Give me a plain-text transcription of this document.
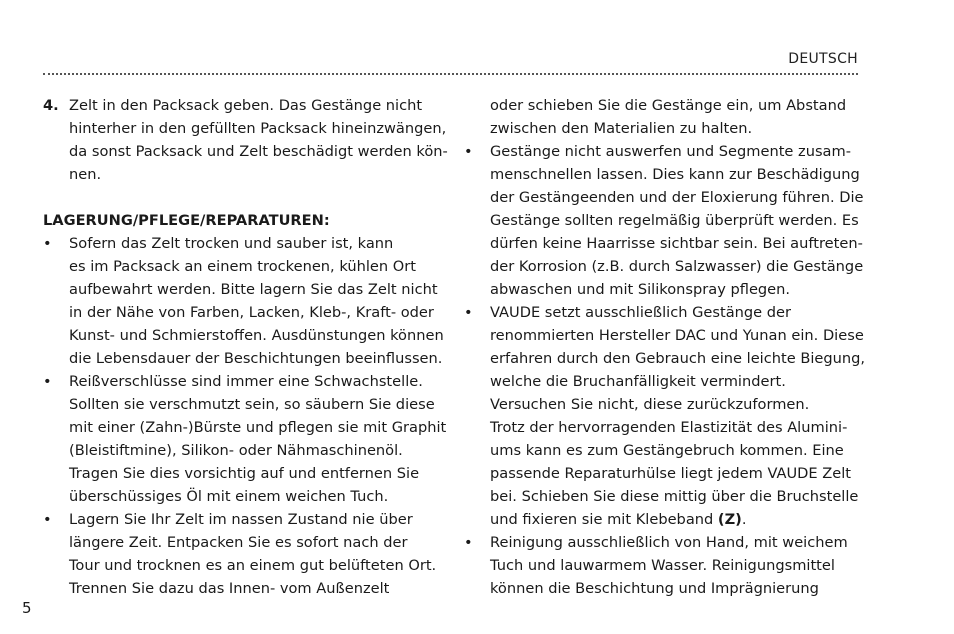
DEUTSCH
4. Zelt in den Packsack geben. Das Gestänge nicht
hinterher in den gefüllten Packsack hineinzwängen,
da sonst Packsack und Zelt beschädigt werden kön-
nen.
LAGERUNG/PFLEGE/REPARATUREN:
• Sofern das Zelt trocken und sauber ist, kann
es im Packsack an einem trockenen, kühlen Ort
aufbewahrt werden. Bitte lagern Sie das Zelt nicht
in der Nähe von Farben, Lacken, Kleb-, Kraft- oder
Kunst- und Schmierstoffen. Ausdünstungen können
die Lebensdauer der Beschichtungen beeinflussen.
• Reißverschlüsse sind immer eine Schwachstelle.
Sollten sie verschmutzt sein, so säubern Sie diese
mit einer (Zahn-)Bürste und pflegen sie mit Graphit
(Bleistiftmine), Silikon- oder Nähmaschinenöl.
Tragen Sie dies vorsichtig auf und entfernen Sie
überschüssiges Öl mit einem weichen Tuch.
• Lagern Sie Ihr Zelt im nassen Zustand nie über
längere Zeit. Entpacken Sie es sofort nach der
Tour und trocknen es an einem gut belüfteten Ort.
Trennen Sie dazu das Innen- vom Außenzelt
oder schieben Sie die Gestänge ein, um Abstand
zwischen den Materialien zu halten.
• Gestänge nicht auswerfen und Segmente zusam-
menschnellen lassen. Dies kann zur Beschädigung
der Gestängeenden und der Eloxierung führen. Die
Gestänge sollten regelmäßig überprüft werden. Es
dürfen keine Haarrisse sichtbar sein. Bei auftreten-
der Korrosion (z.B. durch Salzwasser) die Gestänge
abwaschen und mit Silikonspray pflegen.
• VAUDE setzt ausschließlich Gestänge der
renommierten Hersteller DAC und Yunan ein. Diese
erfahren durch den Gebrauch eine leichte Biegung,
welche die Bruchanfälligkeit vermindert.
Versuchen Sie nicht, diese zurückzuformen.
Trotz der hervorragenden Elastizität des Alumini-
ums kann es zum Gestängebruch kommen. Eine
passende Reparaturhülse liegt jedem VAUDE Zelt
bei. Schieben Sie diese mittig über die Bruchstelle
und fixieren sie mit Klebeband (Z).
• Reinigung ausschließlich von Hand, mit weichem
Tuch und lauwarmem Wasser. Reinigungsmittel
können die Beschichtung und Imprägnierung
5
